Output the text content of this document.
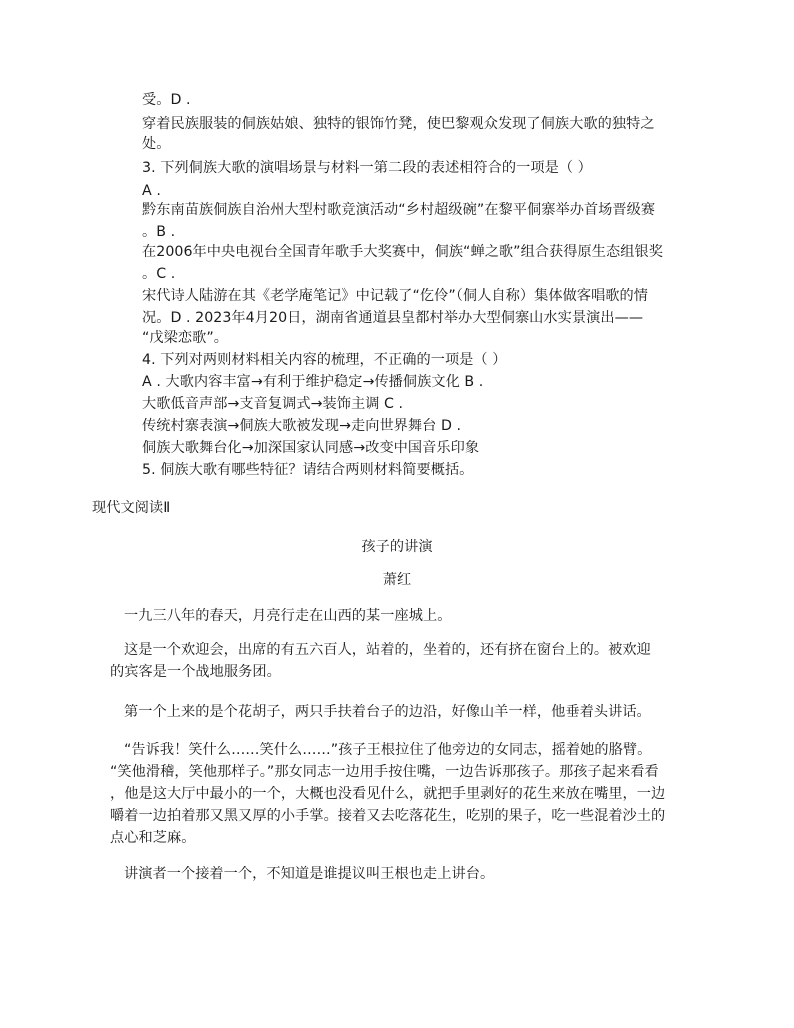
受。D .
穿着民族服装的侗族姑娘、独特的银饰竹凳，使巴黎观众发现了侗族大歌的独特之
处。
3. 下列侗族大歌的演唱场景与材料一第二段的表述相符合的一项是（ ）
A .
黔东南苗族侗族自治州大型村歌竞演活动“乡村超级碗”在黎平侗寨举办首场晋级赛
。B .
在2006年中央电视台全国青年歌手大奖赛中，侗族“蝉之歌”组合获得原生态组银奖
。C .
宋代诗人陆游在其《老学庵笔记》中记载了“仡伶”（侗人自称）集体做客唱歌的情
况。D . 2023年4月20日，湖南省通道县皇都村举办大型侗寨山水实景演出——
“戊梁恋歌”。
4. 下列对两则材料相关内容的梳理，不正确的一项是（ ）
A . 大歌内容丰富→有利于维护稳定→传播侗族文化 B .
大歌低音声部→支音复调式→装饰主调 C .
传统村寨表演→侗族大歌被发现→走向世界舞台 D .
侗族大歌舞台化→加深国家认同感→改变中国音乐印象
5. 侗族大歌有哪些特征？请结合两则材料简要概括。
现代文阅读Ⅱ
孩子的讲演
萧红
一九三八年的春天，月亮行走在山西的某一座城上。
这是一个欢迎会，出席的有五六百人，站着的，坐着的，还有挤在窗台上的。被欢迎
的宾客是一个战地服务团。
第一个上来的是个花胡子，两只手扶着台子的边沿，好像山羊一样，他垂着头讲话。
“告诉我！笑什么……笑什么……”孩子王根拉住了他旁边的女同志，摇着她的胳臂。
“笑他滑稽，笑他那样子。”那女同志一边用手按住嘴，一边告诉那孩子。那孩子起来看看
，他是这大厅中最小的一个，大概也没看见什么，就把手里剥好的花生来放在嘴里，一边
嚼着一边拍着那又黑又厚的小手掌。接着又去吃落花生，吃别的果子，吃一些混着沙土的
点心和芝麻。
讲演者一个接着一个，不知道是谁提议叫王根也走上讲台。
